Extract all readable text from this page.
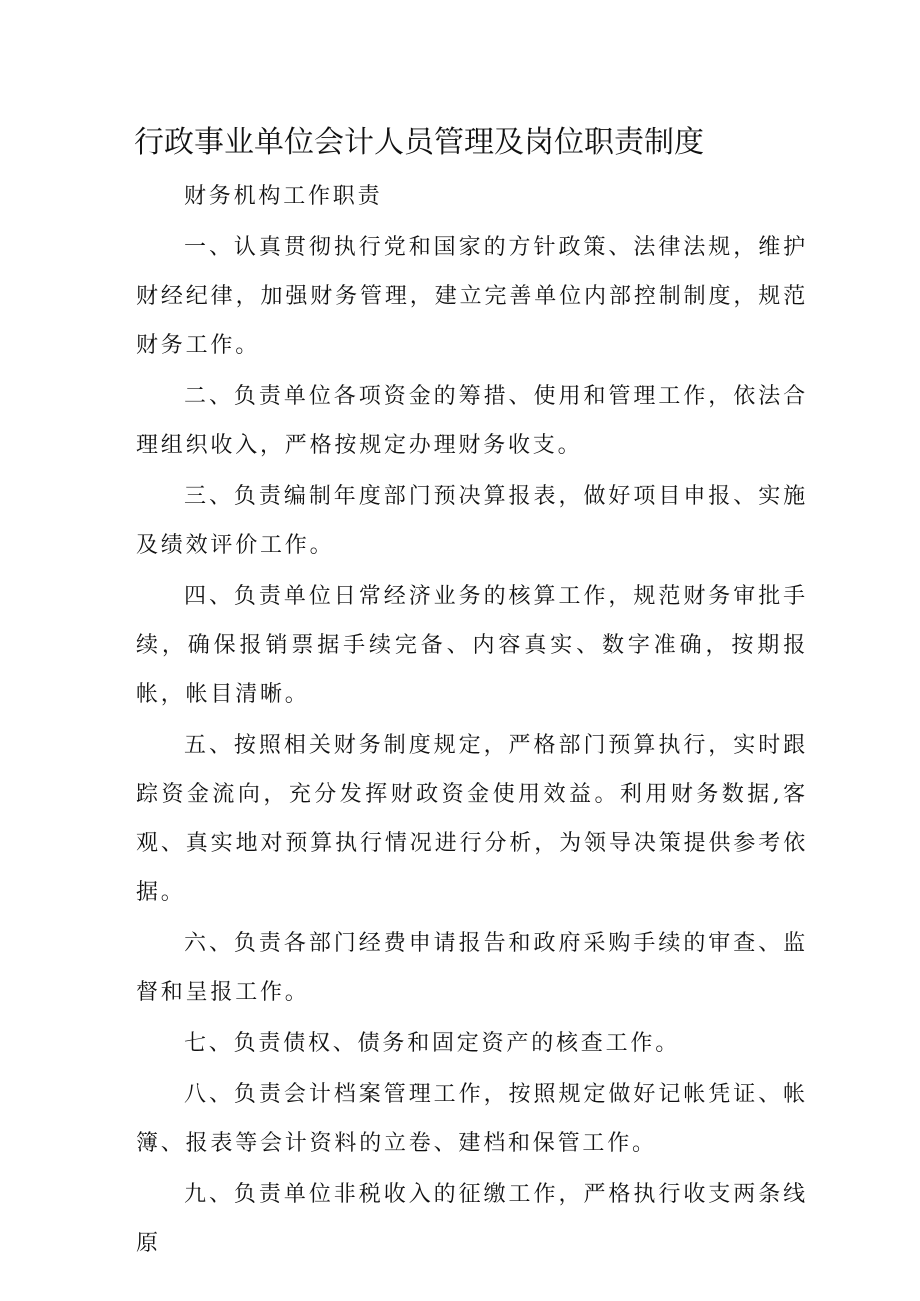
行政事业单位会计人员管理及岗位职责制度

财务机构工作职责

一、认真贯彻执行党和国家的方针政策、法律法规，维护财经纪律，加强财务管理，建立完善单位内部控制制度，规范财务工作。

二、负责单位各项资金的筹措、使用和管理工作，依法合理组织收入，严格按规定办理财务收支。

三、负责编制年度部门预决算报表，做好项目申报、实施及绩效评价工作。

四、负责单位日常经济业务的核算工作，规范财务审批手续，确保报销票据手续完备、内容真实、数字准确，按期报帐，帐目清晰。

五、按照相关财务制度规定，严格部门预算执行，实时跟踪资金流向，充分发挥财政资金使用效益。利用财务数据,客观、真实地对预算执行情况进行分析，为领导决策提供参考依据。

六、负责各部门经费申请报告和政府采购手续的审查、监督和呈报工作。

七、负责债权、债务和固定资产的核查工作。

八、负责会计档案管理工作，按照规定做好记帐凭证、帐簿、报表等会计资料的立卷、建档和保管工作。

九、负责单位非税收入的征缴工作，严格执行收支两条线原
